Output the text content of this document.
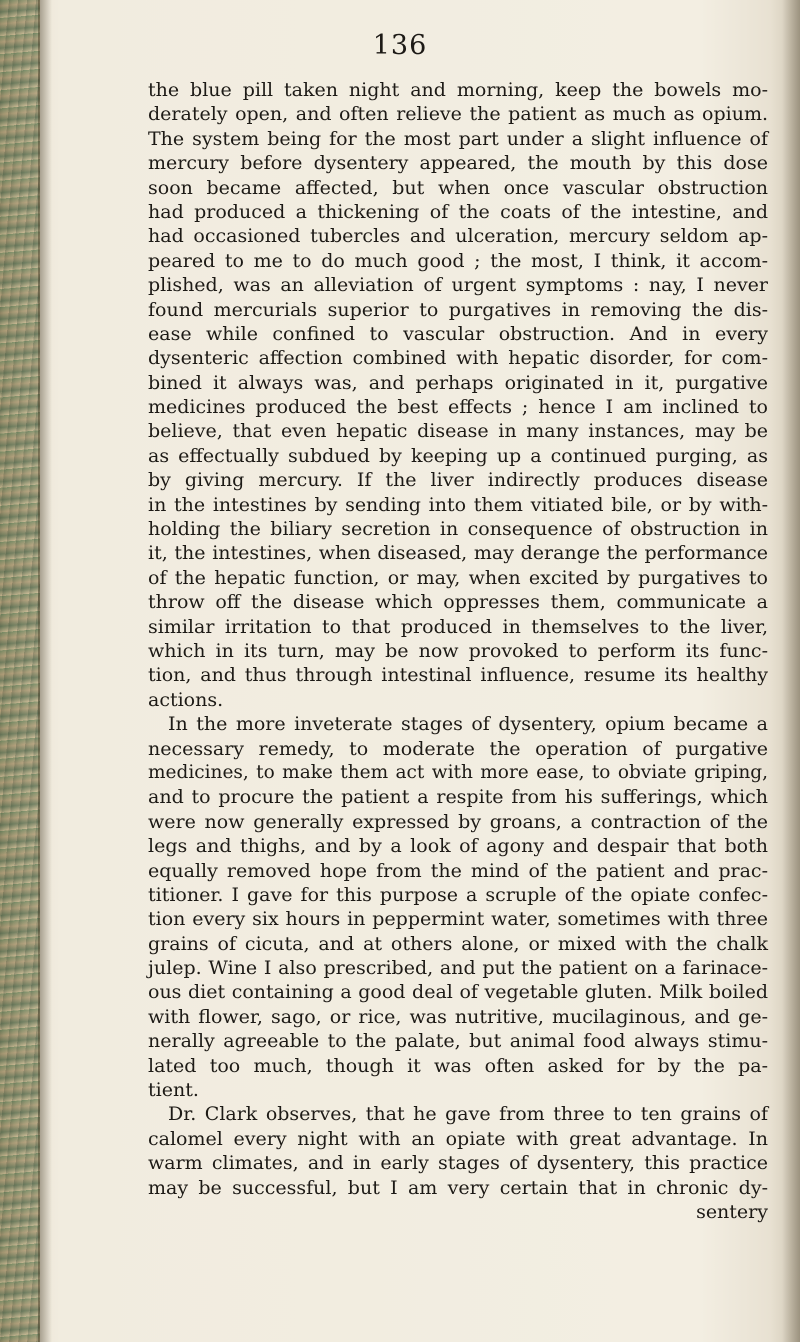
136
the blue pill taken night and morning, keep the bowels mo-
derately open, and often relieve the patient as much as opium.
The system being for the most part under a slight influence of
mercury before dysentery appeared, the mouth by this dose
soon became affected, but when once vascular obstruction
had produced a thickening of the coats of the intestine, and
had occasioned tubercles and ulceration, mercury seldom ap-
peared to me to do much good ; the most, I think, it accom-
plished, was an alleviation of urgent symptoms : nay, I never
found mercurials superior to purgatives in removing the dis-
ease while confined to vascular obstruction. And in every
dysenteric affection combined with hepatic disorder, for com-
bined it always was, and perhaps originated in it, purgative
medicines produced the best effects ; hence I am inclined to
believe, that even hepatic disease in many instances, may be
as effectually subdued by keeping up a continued purging, as
by giving mercury. If the liver indirectly produces disease
in the intestines by sending into them vitiated bile, or by with-
holding the biliary secretion in consequence of obstruction in
it, the intestines, when diseased, may derange the performance
of the hepatic function, or may, when excited by purgatives to
throw off the disease which oppresses them, communicate a
similar irritation to that produced in themselves to the liver,
which in its turn, may be now provoked to perform its func-
tion, and thus through intestinal influence, resume its healthy
actions.
In the more inveterate stages of dysentery, opium became a
necessary remedy, to moderate the operation of purgative
medicines, to make them act with more ease, to obviate griping,
and to procure the patient a respite from his sufferings, which
were now generally expressed by groans, a contraction of the
legs and thighs, and by a look of agony and despair that both
equally removed hope from the mind of the patient and prac-
titioner. I gave for this purpose a scruple of the opiate confec-
tion every six hours in peppermint water, sometimes with three
grains of cicuta, and at others alone, or mixed with the chalk
julep. Wine I also prescribed, and put the patient on a farinace-
ous diet containing a good deal of vegetable gluten. Milk boiled
with flower, sago, or rice, was nutritive, mucilaginous, and ge-
nerally agreeable to the palate, but animal food always stimu-
lated too much, though it was often asked for by the pa-
tient.
Dr. Clark observes, that he gave from three to ten grains of
calomel every night with an opiate with great advantage. In
warm climates, and in early stages of dysentery, this practice
may be successful, but I am very certain that in chronic dy-
sentery
